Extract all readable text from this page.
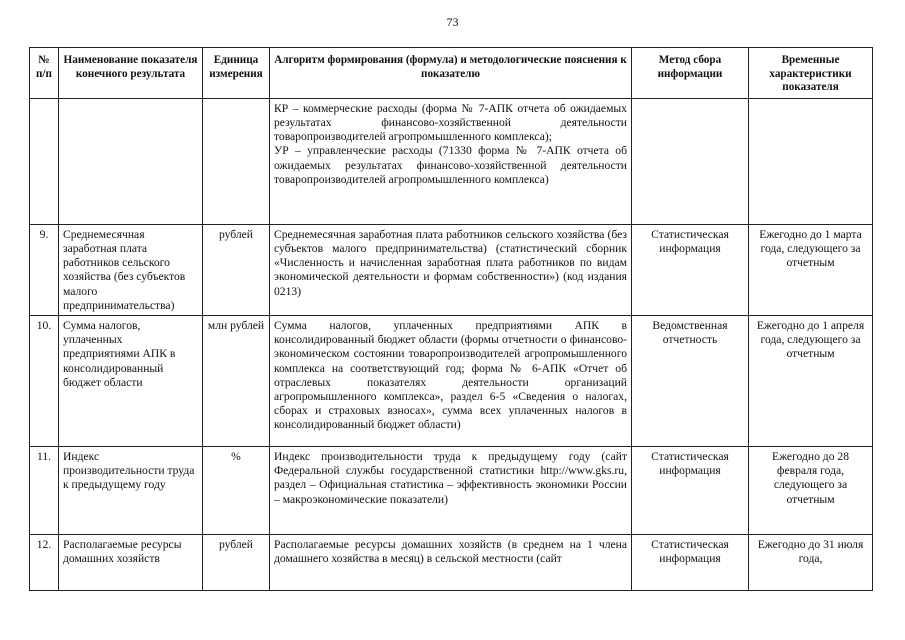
73
№ п/п	Наименование показателя конечного результата	Единица измерения	Алгоритм формирования (формула) и методологические пояснения к показателю	Метод сбора информации	Временные характеристики показателя

			КР – коммерческие расходы (форма № 7-АПК отчета об ожидаемых результатах финансово-хозяйственной деятельности товаропроизводителей агропромышленного комплекса);
УР – управленческие расходы (71330 форма № 7-АПК отчета об ожидаемых результатах финансово-хозяйственной деятельности товаропроизводителей агропромышленного комплекса)		

9.	Среднемесячная заработная плата работников сельского хозяйства (без субъектов малого предпринимательства)	рублей	Среднемесячная заработная плата работников сельского хозяйства (без субъектов малого предпринимательства) (статистический сборник «Численность и начисленная заработная плата работников по видам экономической деятельности и формам собственности») (код издания 0213)	Статистическая информация	Ежегодно до 1 марта года, следующего за отчетным
10.	Сумма налогов, уплаченных предприятиями АПК в консолидированный бюджет области	млн рублей	Сумма налогов, уплаченных предприятиями АПК в консолидированный бюджет области (формы отчетности о финансово-экономическом состоянии товаропроизводителей агропромышленного комплекса на соответствующий год; форма № 6-АПК «Отчет об отраслевых показателях деятельности организаций агропромышленного комплекса», раздел 6-5 «Сведения о налогах, сборах и страховых взносах», сумма всех уплаченных налогов в консолидированный бюджет области)	Ведомственная отчетность	Ежегодно до 1 апреля года, следующего за отчетным
11.	Индекс производительности труда к предыдущему году	%	Индекс производительности труда к предыдущему году (сайт Федеральной службы государственной статистики http://www.gks.ru, раздел – Официальная статистика – эффективность экономики России – макроэкономические показатели)	Статистическая информация	Ежегодно до 28 февраля года, следующего за отчетным
12.	Располагаемые ресурсы домашних хозяйств	рублей	Располагаемые ресурсы домашних хозяйств (в среднем на 1 члена домашнего хозяйства в месяц) в сельской местности (сайт	Статистическая информация	Ежегодно до 31 июля года,
